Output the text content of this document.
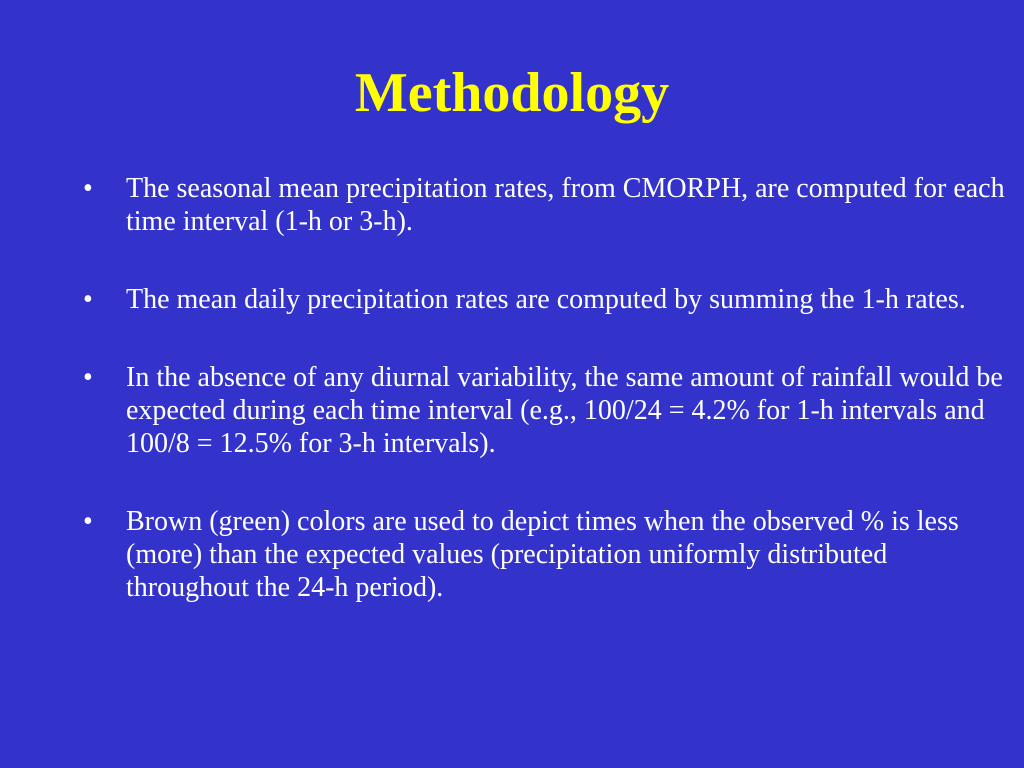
Methodology
•	The seasonal mean precipitation rates, from CMORPH, are computed for each time interval (1-h or 3-h).
•	The mean daily precipitation rates are computed by summing the 1-h rates.
•	In the absence of any diurnal variability, the same amount of rainfall would be expected during each time interval (e.g., 100/24 = 4.2% for 1-h intervals and 100/8 = 12.5% for 3-h intervals).
•	Brown (green) colors are used to depict times when the observed % is less (more) than the expected values (precipitation uniformly distributed throughout the 24-h period).
